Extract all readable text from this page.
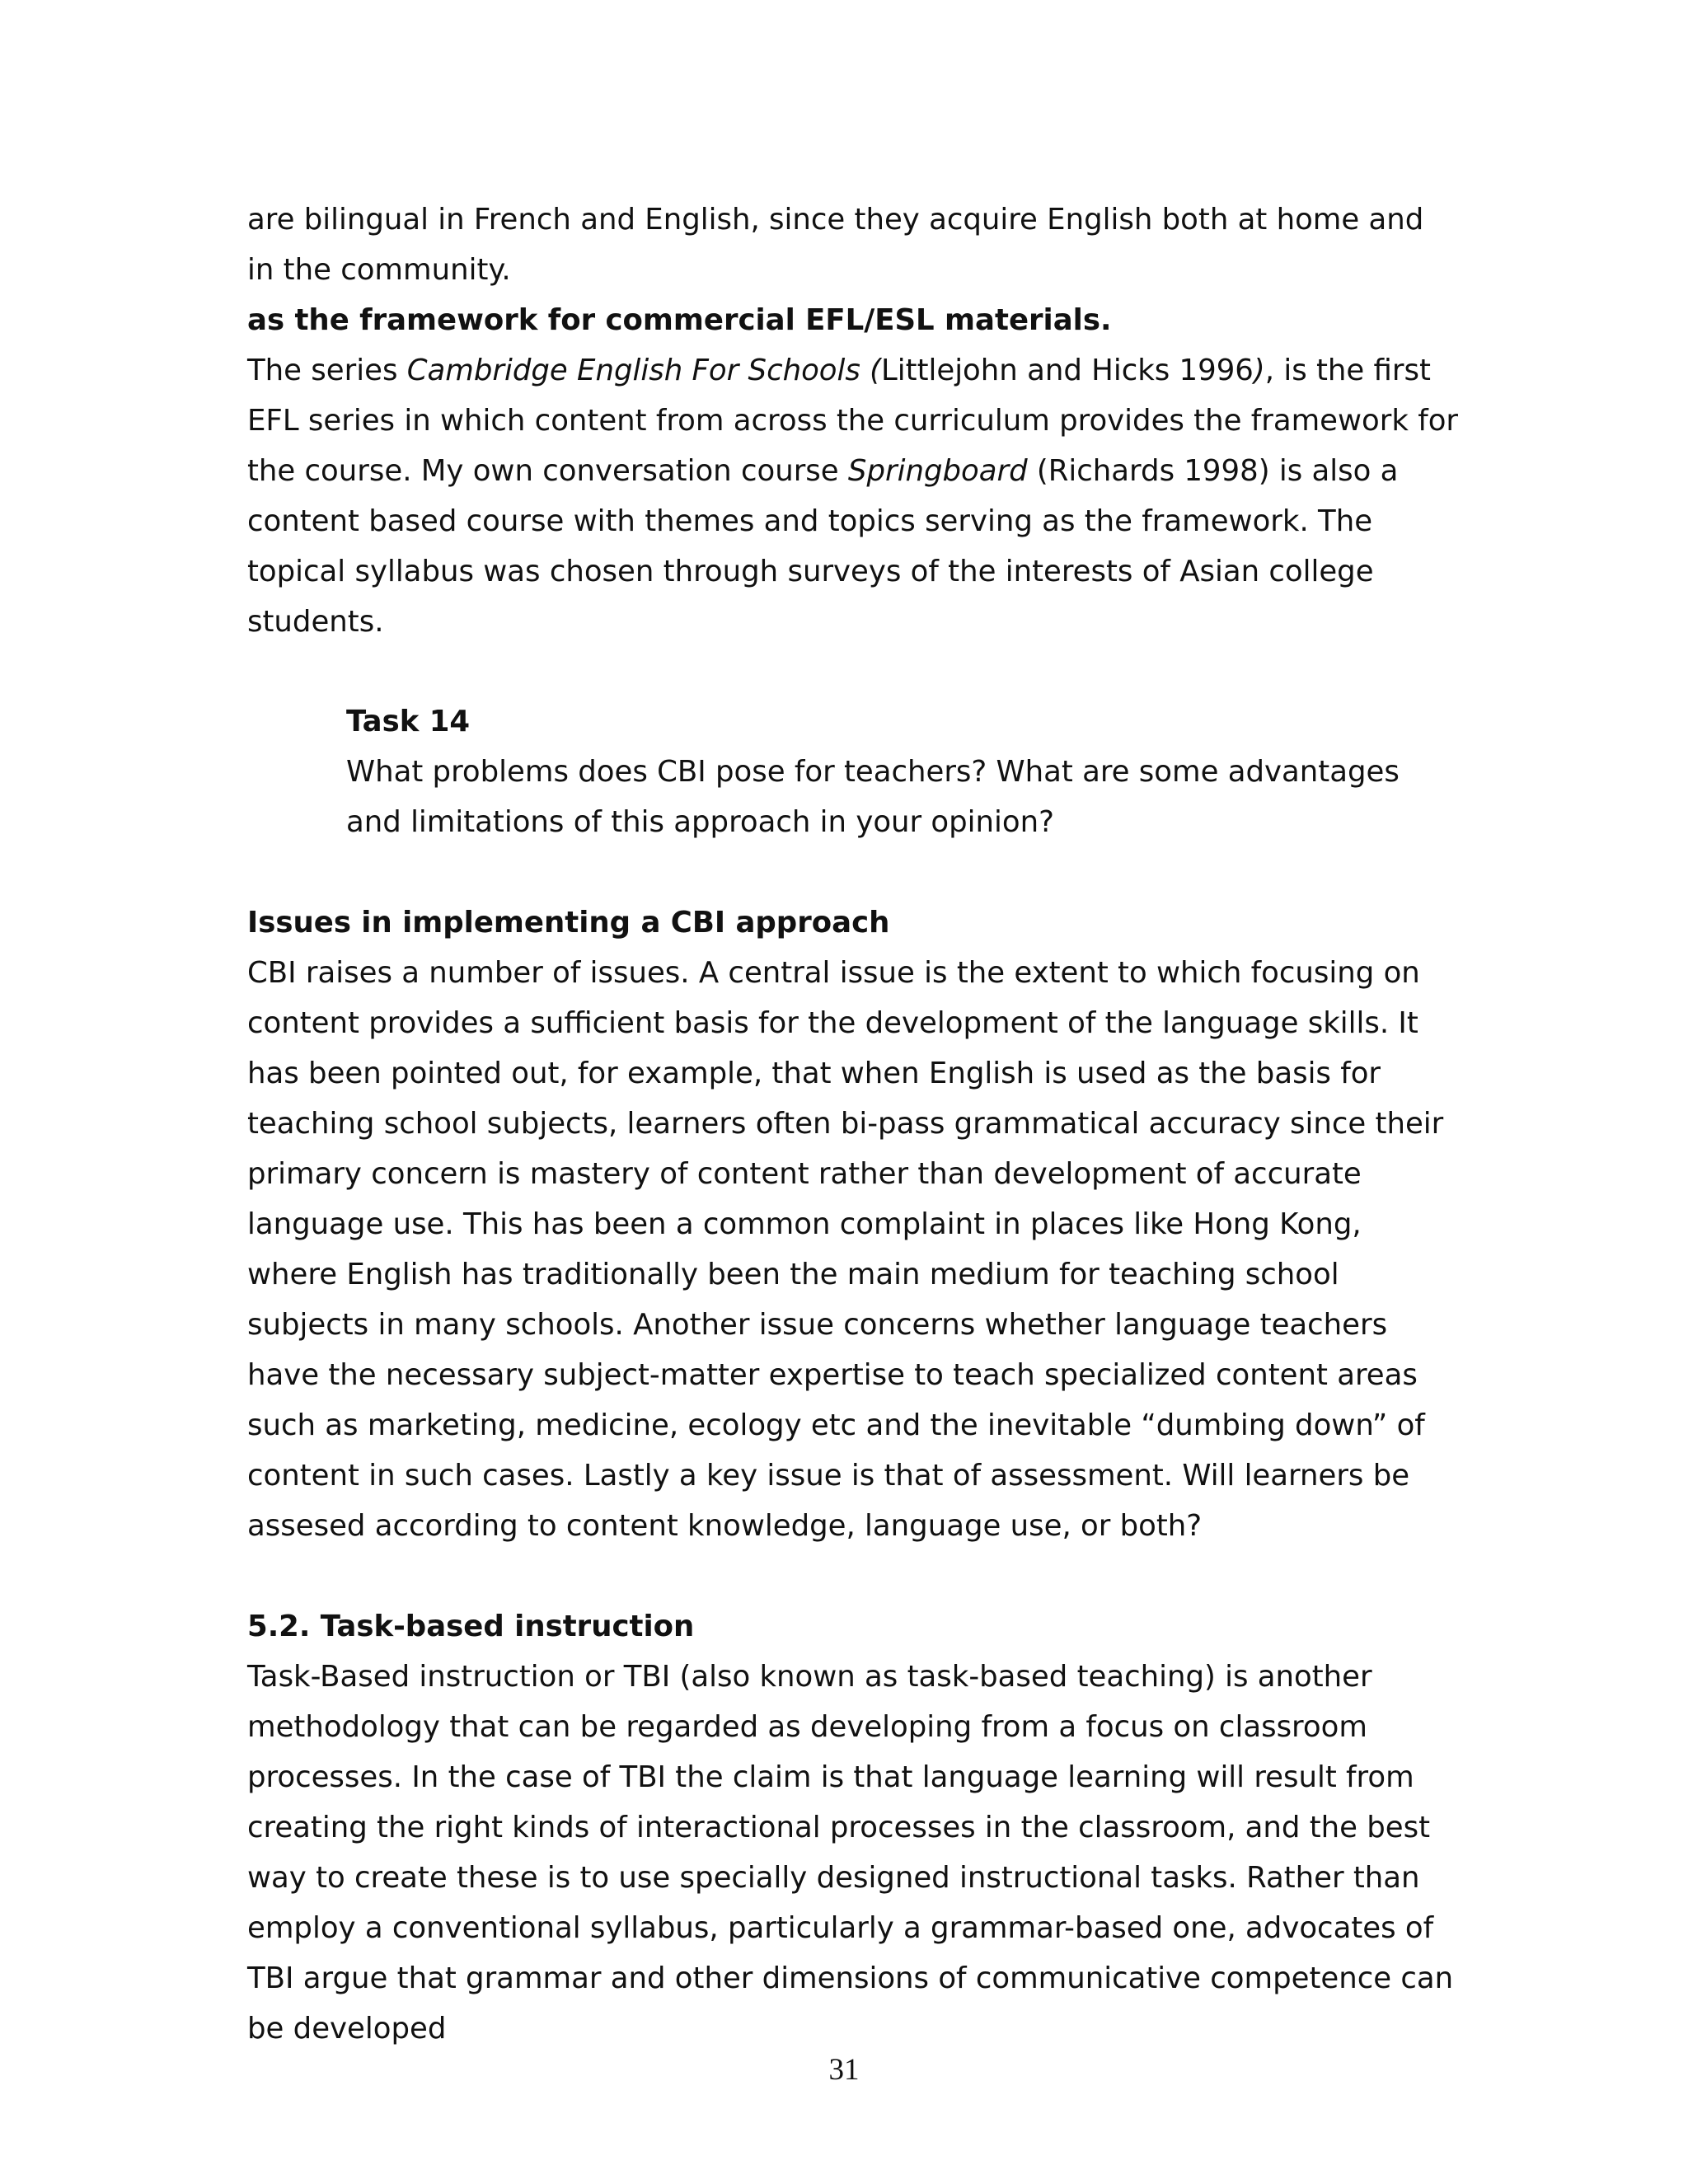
are bilingual in French and English, since they acquire English both at home and in the community.

as the framework for commercial EFL/ESL materials.

The series Cambridge English For Schools (Littlejohn and Hicks 1996), is the first EFL series in which content from across the curriculum provides the framework for the course. My own conversation course Springboard (Richards 1998) is also a content based course with themes and topics serving as the framework. The topical syllabus was chosen through surveys of the interests of Asian college students.

Task 14

What problems does CBI pose for teachers? What are some advantages and limitations of this approach in your opinion?

Issues in implementing a CBI approach

CBI raises a number of issues. A central issue is the extent to which focusing on content provides a sufficient basis for the development of the language skills. It has been pointed out, for example, that when English is used as the basis for teaching school subjects, learners often bi-pass grammatical accuracy since their primary concern is mastery of content rather than development of accurate language use. This has been a common complaint in places like Hong Kong, where English has traditionally been the main medium for teaching school subjects in many schools. Another issue concerns whether language teachers have the necessary subject-matter expertise to teach specialized content areas such as marketing, medicine, ecology etc and the inevitable “dumbing down” of content in such cases. Lastly a key issue is that of assessment. Will learners be assesed according to content knowledge, language use, or both?

5.2. Task-based instruction

Task-Based instruction or TBI (also known as task-based teaching) is another methodology that can be regarded as developing from a focus on classroom processes. In the case of TBI the claim is that language learning will result from creating the right kinds of interactional processes in the classroom, and the best way to create these is to use specially designed instructional tasks. Rather than employ a conventional syllabus, particularly a grammar-based one, advocates of TBI argue that grammar and other dimensions of communicative competence can be developed

31
